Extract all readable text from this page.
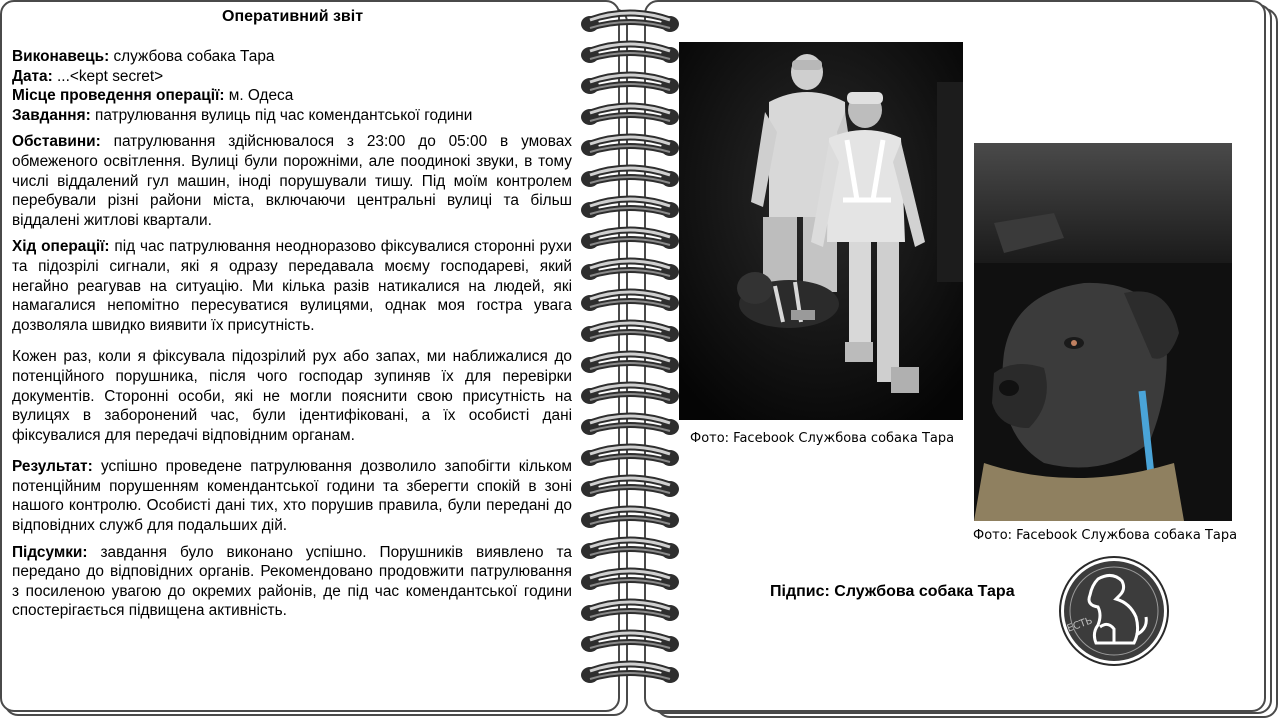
Оперативний звіт
Виконавець: службова собака Тара
Дата: ...<kept secret>
Місце проведення операції: м. Одеса
Завдання: патрулювання вулиць під час комендантської години

Обставини: патрулювання здійснювалося з 23:00 до 05:00 в умовах обмеженого освітлення. Вулиці були порожніми, але поодинокі звуки, в тому числі віддалений гул машин, іноді порушували тишу. Під моїм контролем перебували різні райони міста, включаючи центральні вулиці та більш віддалені житлові квартали.

Хід операції: під час патрулювання неодноразово фіксувалися сторонні рухи та підозрілі сигнали, які я одразу передавала моєму господареві, який негайно реагував на ситуацію. Ми кілька разів натикалися на людей, які намагалися непомітно пересуватися вулицями, однак моя гостра увага дозволяла швидко виявити їх присутність.

Кожен раз, коли я фіксувала підозрілий рух або запах, ми наближалися до потенційного порушника, після чого господар зупиняв їх для перевірки документів. Сторонні особи, які не могли пояснити свою присутність на вулицях в заборонений час, були ідентифіковані, а їх особисті дані фіксувалися для передачі відповідним органам.

Результат: успішно проведене патрулювання дозволило запобігти кільком потенційним порушенням комендантської години та зберегти спокій в зоні нашого контролю. Особисті дані тих, хто порушив правила, були передані до відповідних служб для подальших дій.

Підсумки: завдання було виконано успішно. Порушників виявлено та передано до відповідних органів. Рекомендовано продовжити патрулювання з посиленою увагою до окремих районів, де під час комендантської години спостерігається підвищена активність.

Фото: Facebook Службова собака Тара
Фото: Facebook Службова собака Тара
Підпис: Службова собака Тара
ЕСТЬ
